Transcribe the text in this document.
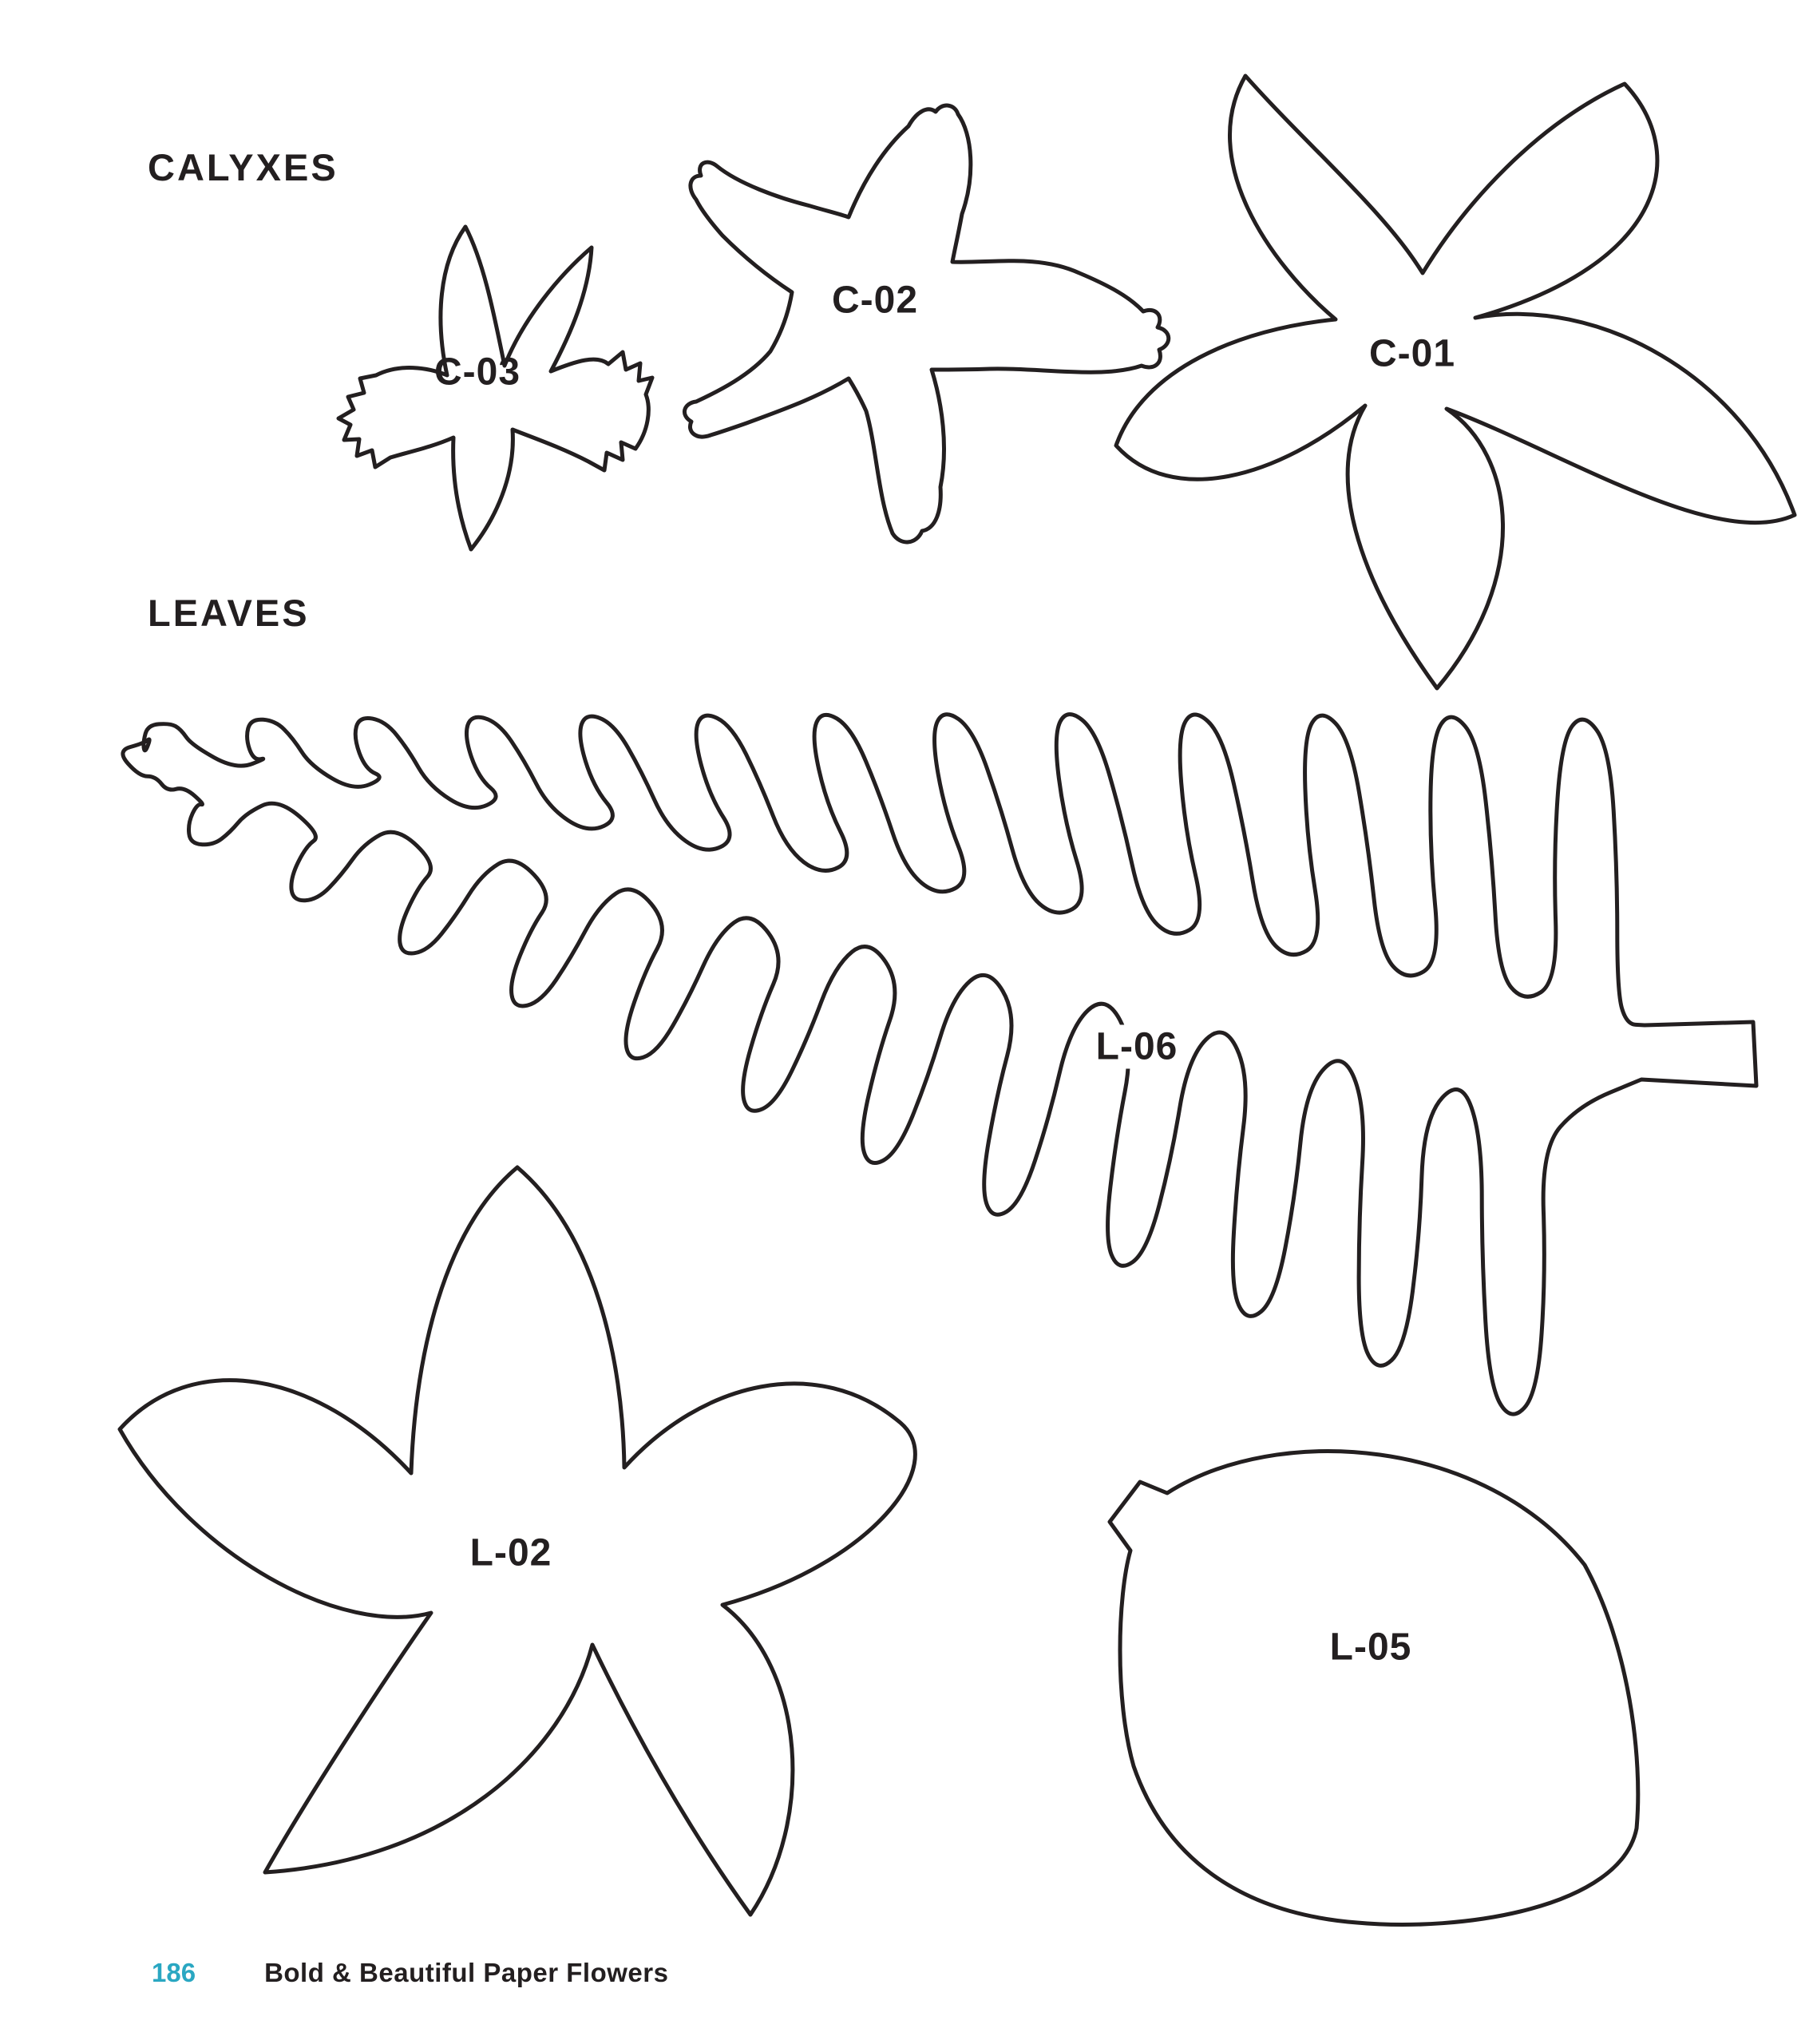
CALYXES
LEAVES
C-03
C-02
C-01
L-06
L-02
L-05
186	Bold & Beautiful Paper Flowers
